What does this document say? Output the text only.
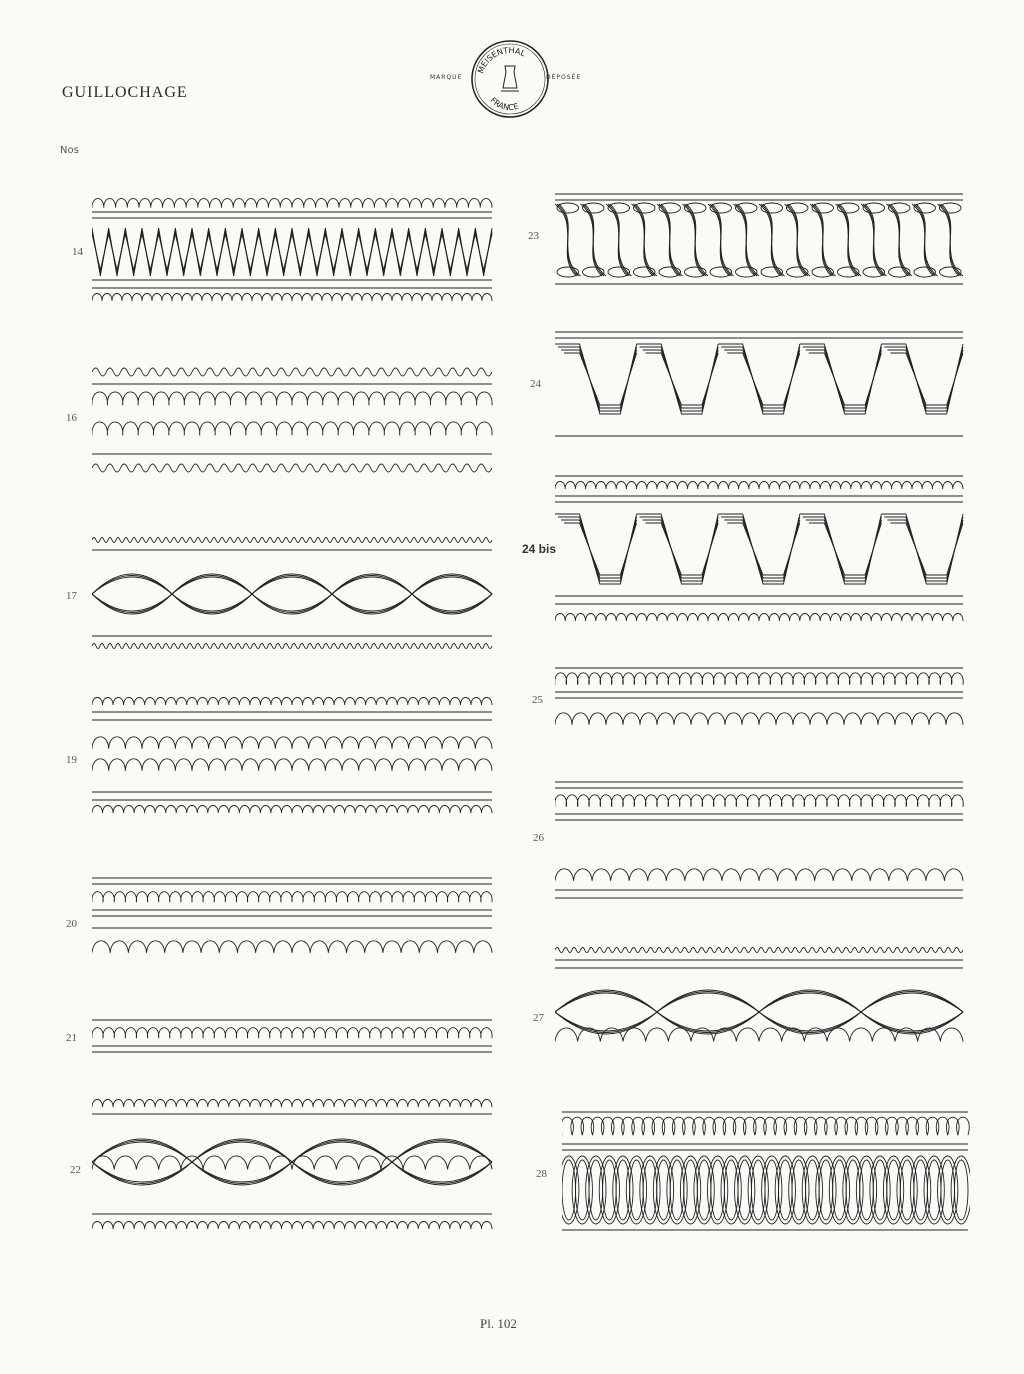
GUILLOCHAGE
Nos
MARQUE
MEISENTHAL
FRANCE
DÉPOSÉE
14
16
17
19
20
21
22
23
24
24 bis
25
26
27
28
Pl. 102
